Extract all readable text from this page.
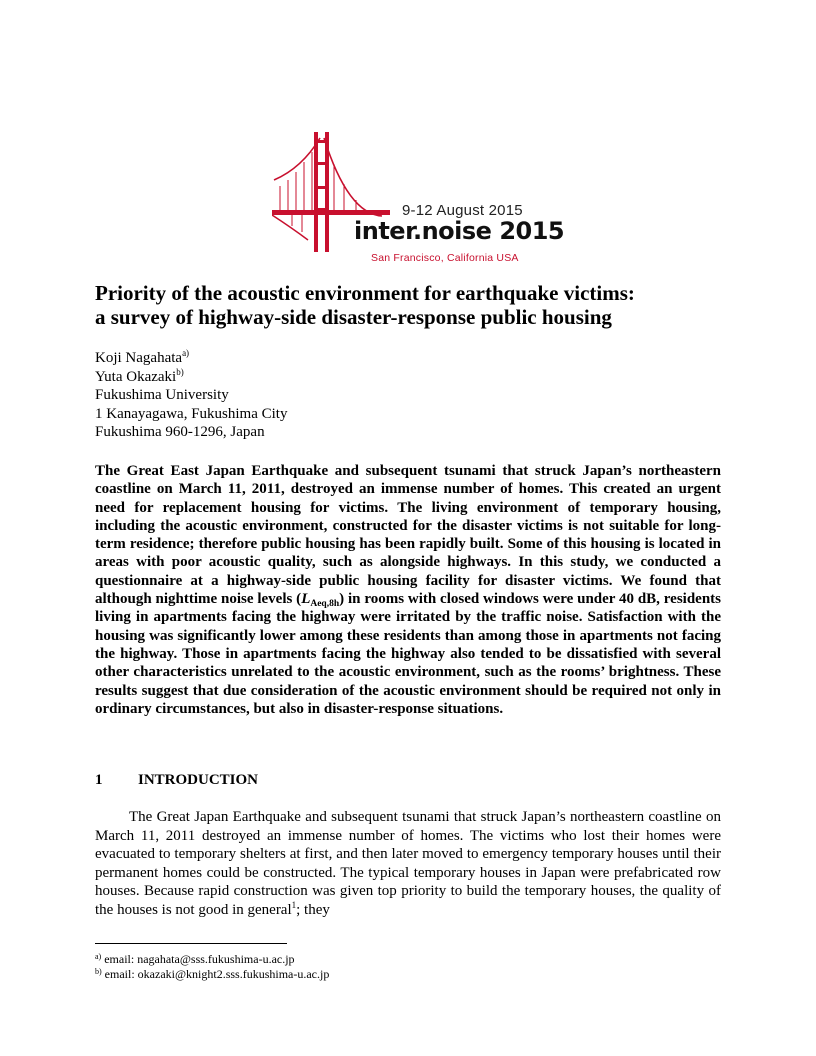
9-12 August 2015
inter.noise 2015
San Francisco, California USA
Priority of the acoustic environment for earthquake victims:
a survey of highway-side disaster-response public housing
Koji Nagahata$^{a)}$
Yuta Okazaki$^{b)}$
Fukushima University
1 Kanayagawa, Fukushima City
Fukushima 960-1296, Japan
The Great East Japan Earthquake and subsequent tsunami that struck Japan’s northeastern coastline on March 11, 2011, destroyed an immense number of homes. This created an urgent need for replacement housing for victims. The living environment of temporary housing, including the acoustic environment, constructed for the disaster victims is not suitable for long-term residence; therefore public housing has been rapidly built. Some of this housing is located in areas with poor acoustic quality, such as alongside highways. In this study, we conducted a questionnaire at a highway-side public housing facility for disaster victims. We found that although nighttime noise levels $(L_{Aeq,8h})$ in rooms with closed windows were under 40 dB, residents living in apartments facing the highway were irritated by the traffic noise. Satisfaction with the housing was significantly lower among these residents than among those in apartments not facing the highway. Those in apartments facing the highway also tended to be dissatisfied with several other characteristics unrelated to the acoustic environment, such as the rooms’ brightness. These results suggest that due consideration of the acoustic environment should be required not only in ordinary circumstances, but also in disaster-response situations.
1 INTRODUCTION

The Great Japan Earthquake and subsequent tsunami that struck Japan’s northeastern coastline on March 11, 2011 destroyed an immense number of homes. The victims who lost their homes were evacuated to temporary shelters at first, and then later moved to emergency temporary houses until their permanent homes could be constructed. The typical temporary houses in Japan were prefabricated row houses. Because rapid construction was given top priority to build the temporary houses, the quality of the houses is not good in general$^1$; they

$^{a)}$ email: nagahata@sss.fukushima-u.ac.jp
$^{b)}$ email: okazaki@knight2.sss.fukushima-u.ac.jp
